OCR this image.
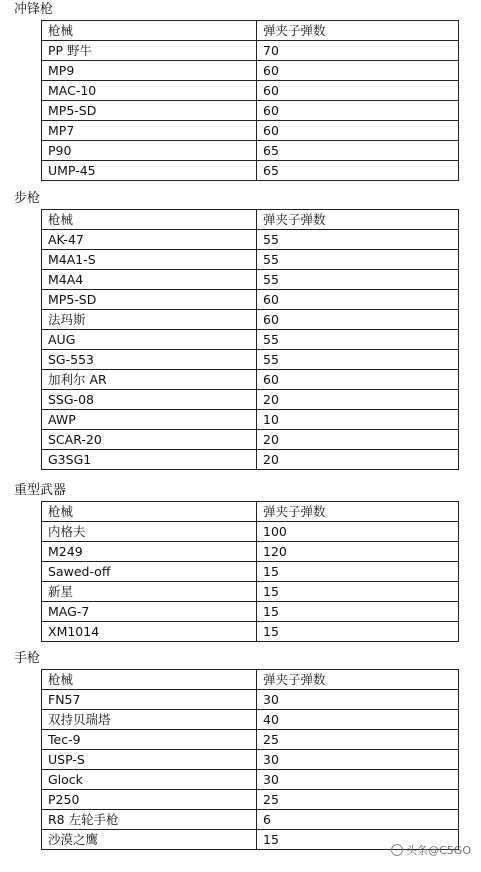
冲锋枪
枪械	弹夹子弹数
PP 野牛	70
MP9	60
MAC-10	60
MP5-SD	60
MP7	60
P90	65
UMP-45	65
步枪
枪械	弹夹子弹数
AK-47	55
M4A1-S	55
M4A4	55
MP5-SD	60
法玛斯	60
AUG	55
SG-553	55
加利尔 AR	60
SSG-08	20
AWP	10
SCAR-20	20
G3SG1	20
重型武器
枪械	弹夹子弹数
内格夫	100
M249	120
Sawed-off	15
新星	15
MAG-7	15
XM1014	15
手枪
枪械	弹夹子弹数
FN57	30
双持贝瑞塔	40
Tec-9	25
USP-S	30
Glock	30
P250	25
R8 左轮手枪	6
沙漠之鹰	15
头条@C5GO
